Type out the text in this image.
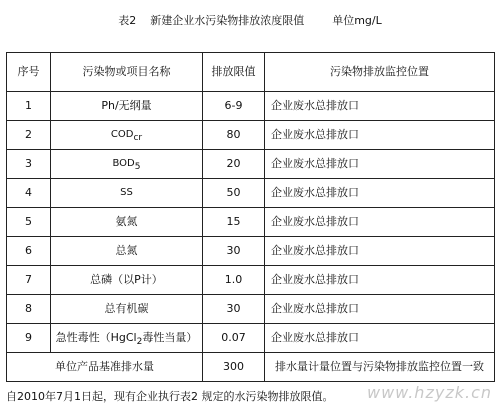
表2    新建企业水污染物排放浓度限值        单位mg/L
序号	污染物或项目名称	排放限值	污染物排放监控位置
1	Ph/无纲量	6-9	企业废水总排放口
2	$COD_{cr}$	80	企业废水总排放口
3	$BOD_5$	20	企业废水总排放口
4	SS	50	企业废水总排放口
5	氨氮	15	企业废水总排放口
6	总氮	30	企业废水总排放口
7	总磷（以P计）	1.0	企业废水总排放口
8	总有机碳	30	企业废水总排放口
9	急性毒性（HgCl$_2$毒性当量）	0.07	企业废水总排放口
单位产品基准排水量		300	排水量计量位置与污染物排放监控位置一致
自2010年7月1日起，现有企业执行表2 规定的水污染物排放限值。 www.hzyzk.cn
